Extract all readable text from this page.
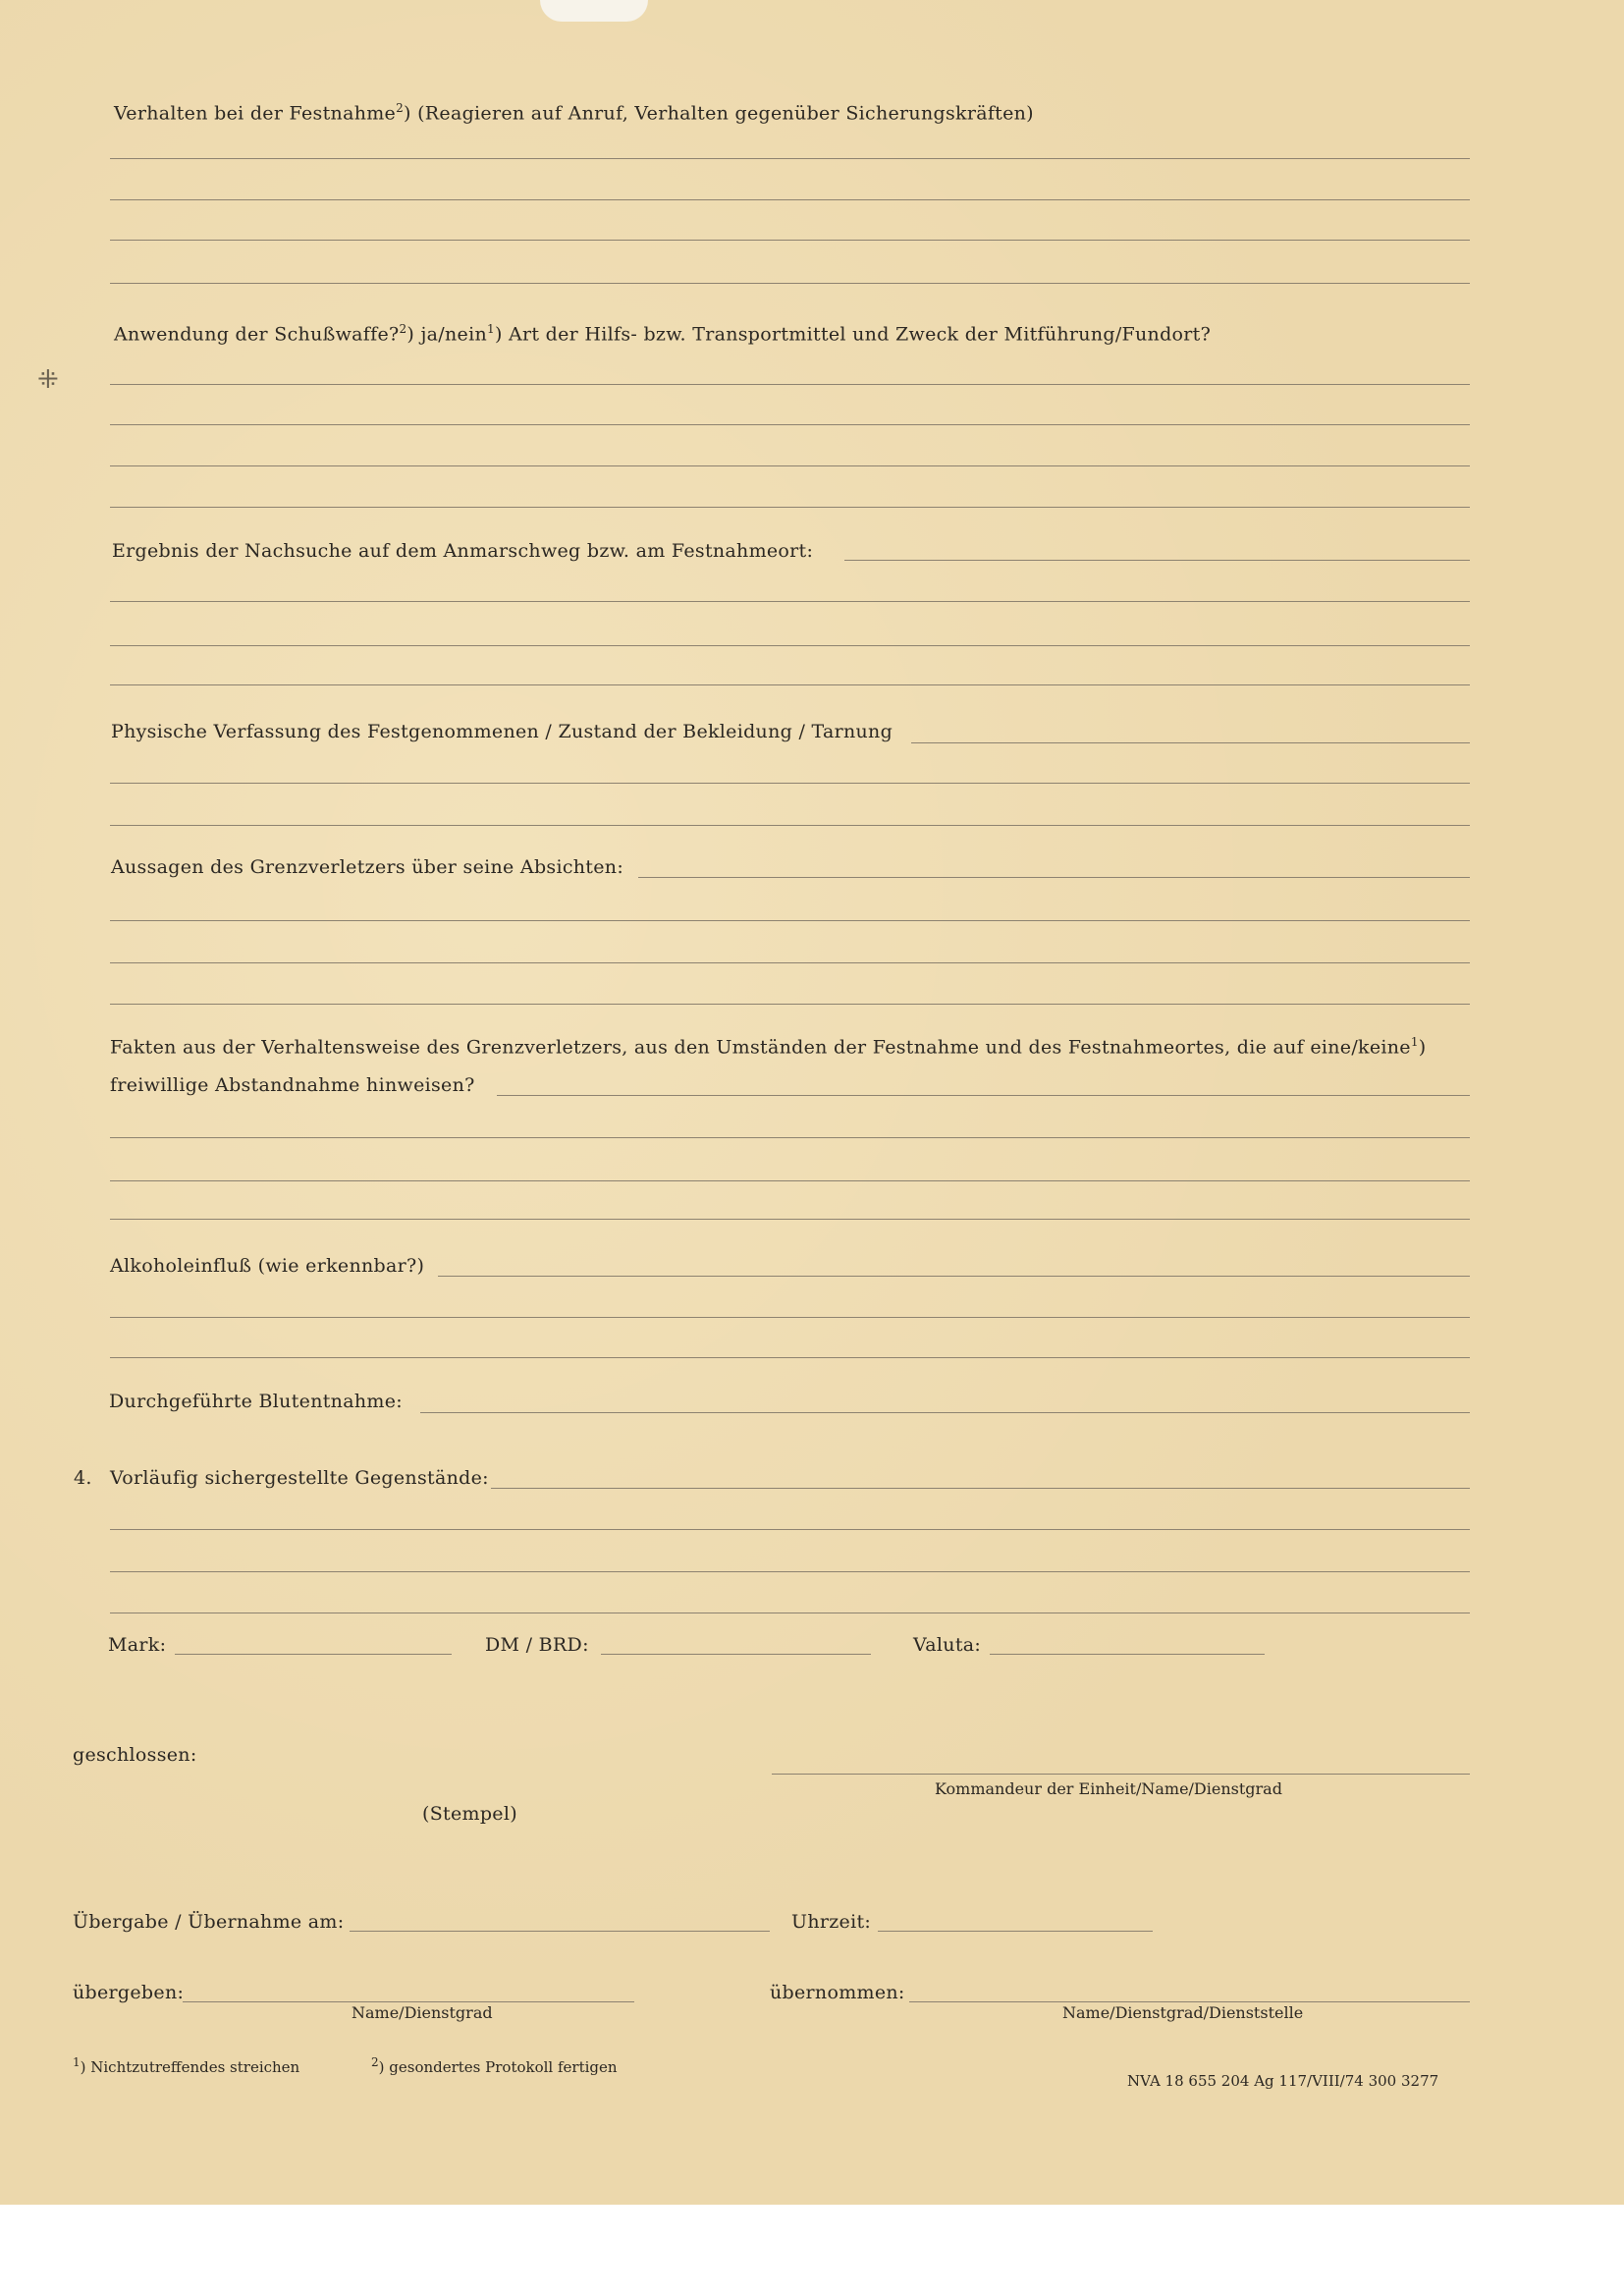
⁜
Verhalten bei der Festnahme$^2$) (Reagieren auf Anruf, Verhalten gegenüber Sicherungskräften)
Anwendung der Schußwaffe?$^2$) ja/nein$^1$) Art der Hilfs- bzw. Transportmittel und Zweck der Mitführung/Fundort?
Ergebnis der Nachsuche auf dem Anmarschweg bzw. am Festnahmeort:
Physische Verfassung des Festgenommenen / Zustand der Bekleidung / Tarnung
Aussagen des Grenzverletzers über seine Absichten:
Fakten aus der Verhaltensweise des Grenzverletzers, aus den Umständen der Festnahme und des Festnahmeortes, die auf eine/keine$^1$)
freiwillige Abstandnahme hinweisen?
Alkoholeinfluß (wie erkennbar?)
Durchgeführte Blutentnahme:
4. Vorläufig sichergestellte Gegenstände:
Mark:	DM / BRD:	Valuta:
geschlossen:
Kommandeur der Einheit/Name/Dienstgrad
(Stempel)
Übergabe / Übernahme am:	Uhrzeit:
übergeben:
Name/Dienstgrad
übernommen:
Name/Dienstgrad/Dienststelle
$^1$) Nichtzutreffendes streichen	$^2$) gesondertes Protokoll fertigen
NVA 18 655 204 Ag 117/VIII/74 300 3277
